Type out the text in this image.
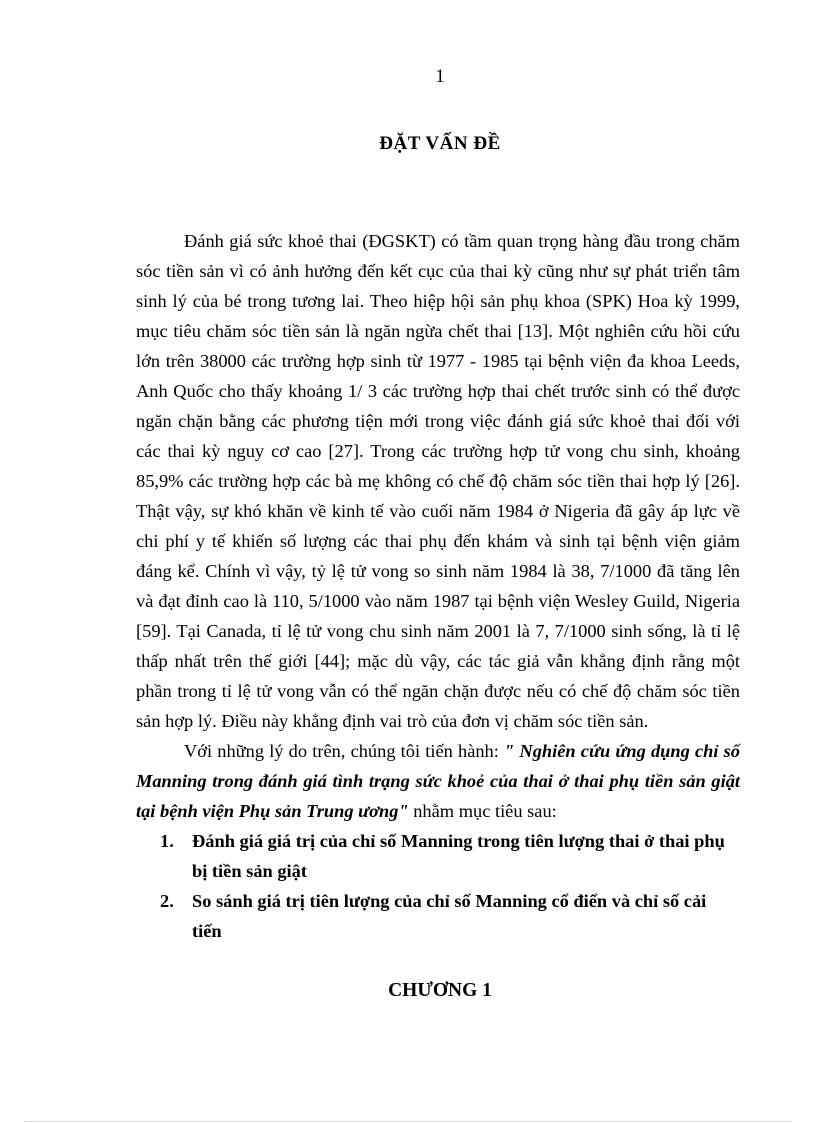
1
ĐẶT VẤN ĐỀ

Đánh giá sức khoẻ thai (ĐGSKT) có tầm quan trọng hàng đầu trong chăm sóc tiền sản vì có ảnh hưởng đến kết cục của thai kỳ cũng như sự phát triển tâm sinh lý của bé trong tương lai. Theo hiệp hội sản phụ khoa (SPK) Hoa kỳ 1999, mục tiêu chăm sóc tiền sản là ngăn ngừa chết thai [13]. Một nghiên cứu hồi cứu lớn trên 38000 các trường hợp sinh từ 1977 - 1985 tại bệnh viện đa khoa Leeds, Anh Quốc cho thấy khoảng 1/ 3 các trường hợp thai chết trước sinh có thể được ngăn chặn bằng các phương tiện mới trong việc đánh giá sức khoẻ thai đối với các thai kỳ nguy cơ cao [27]. Trong các trường hợp tử vong chu sinh, khoảng 85,9% các trường hợp các bà mẹ không có chế độ chăm sóc tiền thai hợp lý [26]. Thật vậy, sự khó khăn về kinh tế vào cuối năm 1984 ở Nigeria đã gây áp lực về chi phí y tế khiến số lượng các thai phụ đến khám và sinh tại bệnh viện giảm đáng kể. Chính vì vậy, tỷ lệ tử vong so sinh năm 1984 là 38, 7/1000 đã tăng lên và đạt đỉnh cao là 110, 5/1000 vào năm 1987 tại bệnh viện Wesley Guild, Nigeria [59]. Tại Canada, tỉ lệ tử vong chu sinh năm 2001 là 7, 7/1000 sinh sống, là tỉ lệ thấp nhất trên thế giới [44]; mặc dù vậy, các tác giả vẫn khẳng định rằng một phần trong tỉ lệ tử vong vẫn có thể ngăn chặn được nếu có chế độ chăm sóc tiền sản hợp lý. Điều này khẳng định vai trò của đơn vị chăm sóc tiền sản.

Với những lý do trên, chúng tôi tiến hành: " Nghiên cứu ứng dụng chỉ số Manning trong đánh giá tình trạng sức khoẻ của thai ở thai phụ tiền sản giật tại bệnh viện Phụ sản Trung ương" nhằm mục tiêu sau:

1. Đánh giá giá trị của chỉ số Manning trong tiên lượng thai ở thai phụ bị tiền sản giật
2. So sánh giá trị tiên lượng của chỉ số Manning cổ điển và chỉ số cải tiến
CHƯƠNG 1
